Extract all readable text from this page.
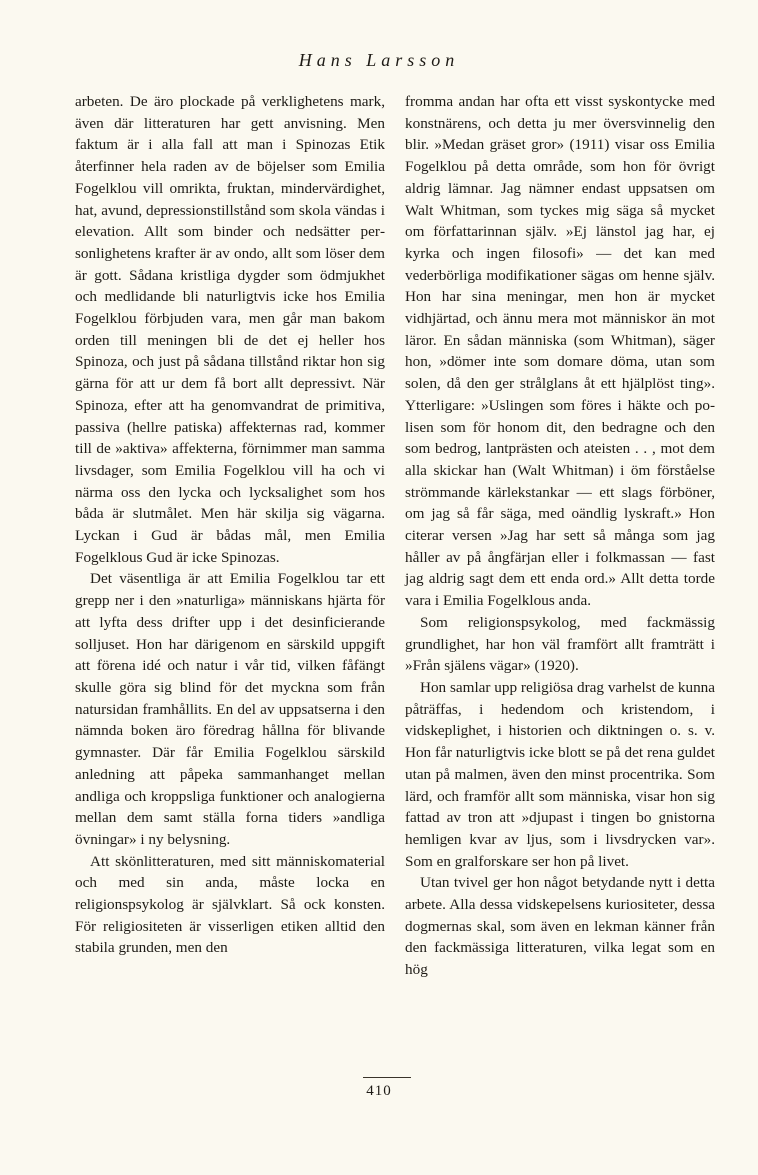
Hans Larsson

arbeten. De äro plockade på verklighetens mark, även där litteraturen har gett anvisning. Men faktum är i alla fall att man i Spinozas Etik återfinner hela raden av de böjelser som Emilia Fogelklou vill omrikta, fruktan, mindervärdighet, hat, avund, depressionstillstånd som skola vändas i elevation. Allt som binder och nedsätter personlighetens krafter är av ondo, allt som löser dem är gott. Sådana kristliga dygder som ödmjukhet och medlidande bli naturligtvis icke hos Emilia Fogelklou förbjuden vara, men går man bakom orden till meningen bli de det ej heller hos Spinoza, och just på sådana tillstånd riktar hon sig gärna för att ur dem få bort allt depressivt. När Spinoza, efter att ha genomvandrat de primitiva, passiva (hellre patiska) affekternas rad, kommer till de »aktiva» affekterna, förnimmer man samma livsdager, som Emilia Fogelklou vill ha och vi närma oss den lycka och lycksalighet som hos båda är slutmålet. Men här skilja sig vägarna. Lyckan i Gud är bådas mål, men Emilia Fogelklous Gud är icke Spinozas.

Det väsentliga är att Emilia Fogelklou tar ett grepp ner i den »naturliga» människans hjärta för att lyfta dess drifter upp i det desinficierande solljuset. Hon har därigenom en särskild uppgift att förena idé och natur i vår tid, vilken fåfängt skulle göra sig blind för det myckna som från natursidan framhållits. En del av uppsatserna i den nämnda boken äro föredrag hållna för blivande gymnaster. Där får Emilia Fogelklou särskild anledning att påpeka sammanhanget mellan andliga och kroppsliga funktioner och analogierna mellan dem samt ställa forna tiders »andliga övningar» i ny belysning.

Att skönlitteraturen, med sitt människomaterial och med sin anda, måste locka en religionspsykolog är självklart. Så ock konsten. För religiositeten är visserligen etiken alltid den stabila grunden, men den

fromma andan har ofta ett visst syskontycke med konstnärens, och detta ju mer översvinnelig den blir. »Medan gräset gror» (1911) visar oss Emilia Fogelklou på detta område, som hon för övrigt aldrig lämnar. Jag nämner endast uppsatsen om Walt Whitman, som tyckes mig säga så mycket om författarinnan själv. »Ej länstol jag har, ej kyrka och ingen filosofi» — det kan med vederbörliga modifikationer sägas om henne själv. Hon har sina meningar, men hon är mycket vidhjärtad, och ännu mera mot människor än mot läror. En sådan människa (som Whitman), säger hon, »dömer inte som domare döma, utan som solen, då den ger strålglans åt ett hjälplöst ting». Ytterligare: »Uslingen som föres i häkte och polisen som för honom dit, den bedragne och den som bedrog, lantprästen och ateisten . . , mot dem alla skickar han (Walt Whitman) i öm förståelse strömmande kärlekstankar — ett slags förböner, om jag så får säga, med oändlig lyskraft.» Hon citerar versen »Jag har sett så många som jag håller av på ångfärjan eller i folkmassan — fast jag aldrig sagt dem ett enda ord.» Allt detta torde vara i Emilia Fogelklous anda.

Som religionspsykolog, med fackmässig grundlighet, har hon väl framfört allt framträtt i »Från själens vägar» (1920).

Hon samlar upp religiösa drag varhelst de kunna påträffas, i hedendom och kristendom, i vidskeplighet, i historien och diktningen o. s. v. Hon får naturligtvis icke blott se på det rena guldet utan på malmen, även den minst procentrika. Som lärd, och framför allt som människa, visar hon sig fattad av tron att »djupast i tingen bo gnistorna hemligen kvar av ljus, som i livsdrycken var». Som en gralforskare ser hon på livet.

Utan tvivel ger hon något betydande nytt i detta arbete. Alla dessa vidskepelsens kuriositeter, dessa dogmernas skal, som även en lekman känner från den fackmässiga litteraturen, vilka legat som en hög

410
